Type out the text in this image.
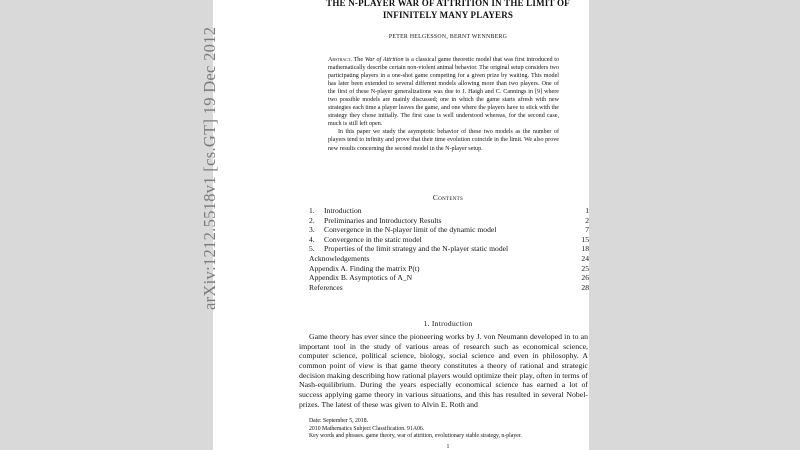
arXiv:1212.5518v1 [cs.GT] 19 Dec 2012
THE N-PLAYER WAR OF ATTRITION IN THE LIMIT OF INFINITELY MANY PLAYERS
PETER HELGESSON, BERNT WENNBERG

Abstract. The War of Attrition is a classical game theoretic model that was first introduced to mathematically describe certain non-violent animal behavior. The original setup considers two participating players in a one-shot game competing for a given prize by waiting. This model has later been extended to several different models allowing more than two players. One of the first of these N-player generalizations was due to J. Haigh and C. Cannings in [9] where two possible models are mainly discussed; one in which the game starts afresh with new strategies each time a player leaves the game, and one where the players have to stick with the strategy they chose initially. The first case is well understood whereas, for the second case, much is still left open.

In this paper we study the asymptotic behavior of these two models as the number of players tend to infinity and prove that their time evolution coincide in the limit. We also prove new results concerning the second model in the N-player setup.

Contents
1. Introduction	1
2. Preliminaries and Introductory Results	2
3. Convergence in the N-player limit of the dynamic model	7
4. Convergence in the static model	15
5. Properties of the limit strategy and the N-player static model	18
Acknowledgements	24
Appendix A. Finding the matrix P(t)	25
Appendix B. Asymptotics of A_N	26
References	28
1. Introduction

Game theory has ever since the pioneering works by J. von Neumann developed in to an important tool in the study of various areas of research such as economical science, computer science, political science, biology, social science and even in philosophy. A common point of view is that game theory constitutes a theory of rational and strategic decision making describing how rational players would optimize their play, often in terms of Nash-equilibrium. During the years especially economical science has earned a lot of success applying game theory in various situations, and this has resulted in several Nobel-prizes. The latest of these was given to Alvin E. Roth and

Date: September 5, 2018.
2010 Mathematics Subject Classification. 91A06.
Key words and phrases. game theory, war of attrition, evolutionary stable strategy, n-player.
1
